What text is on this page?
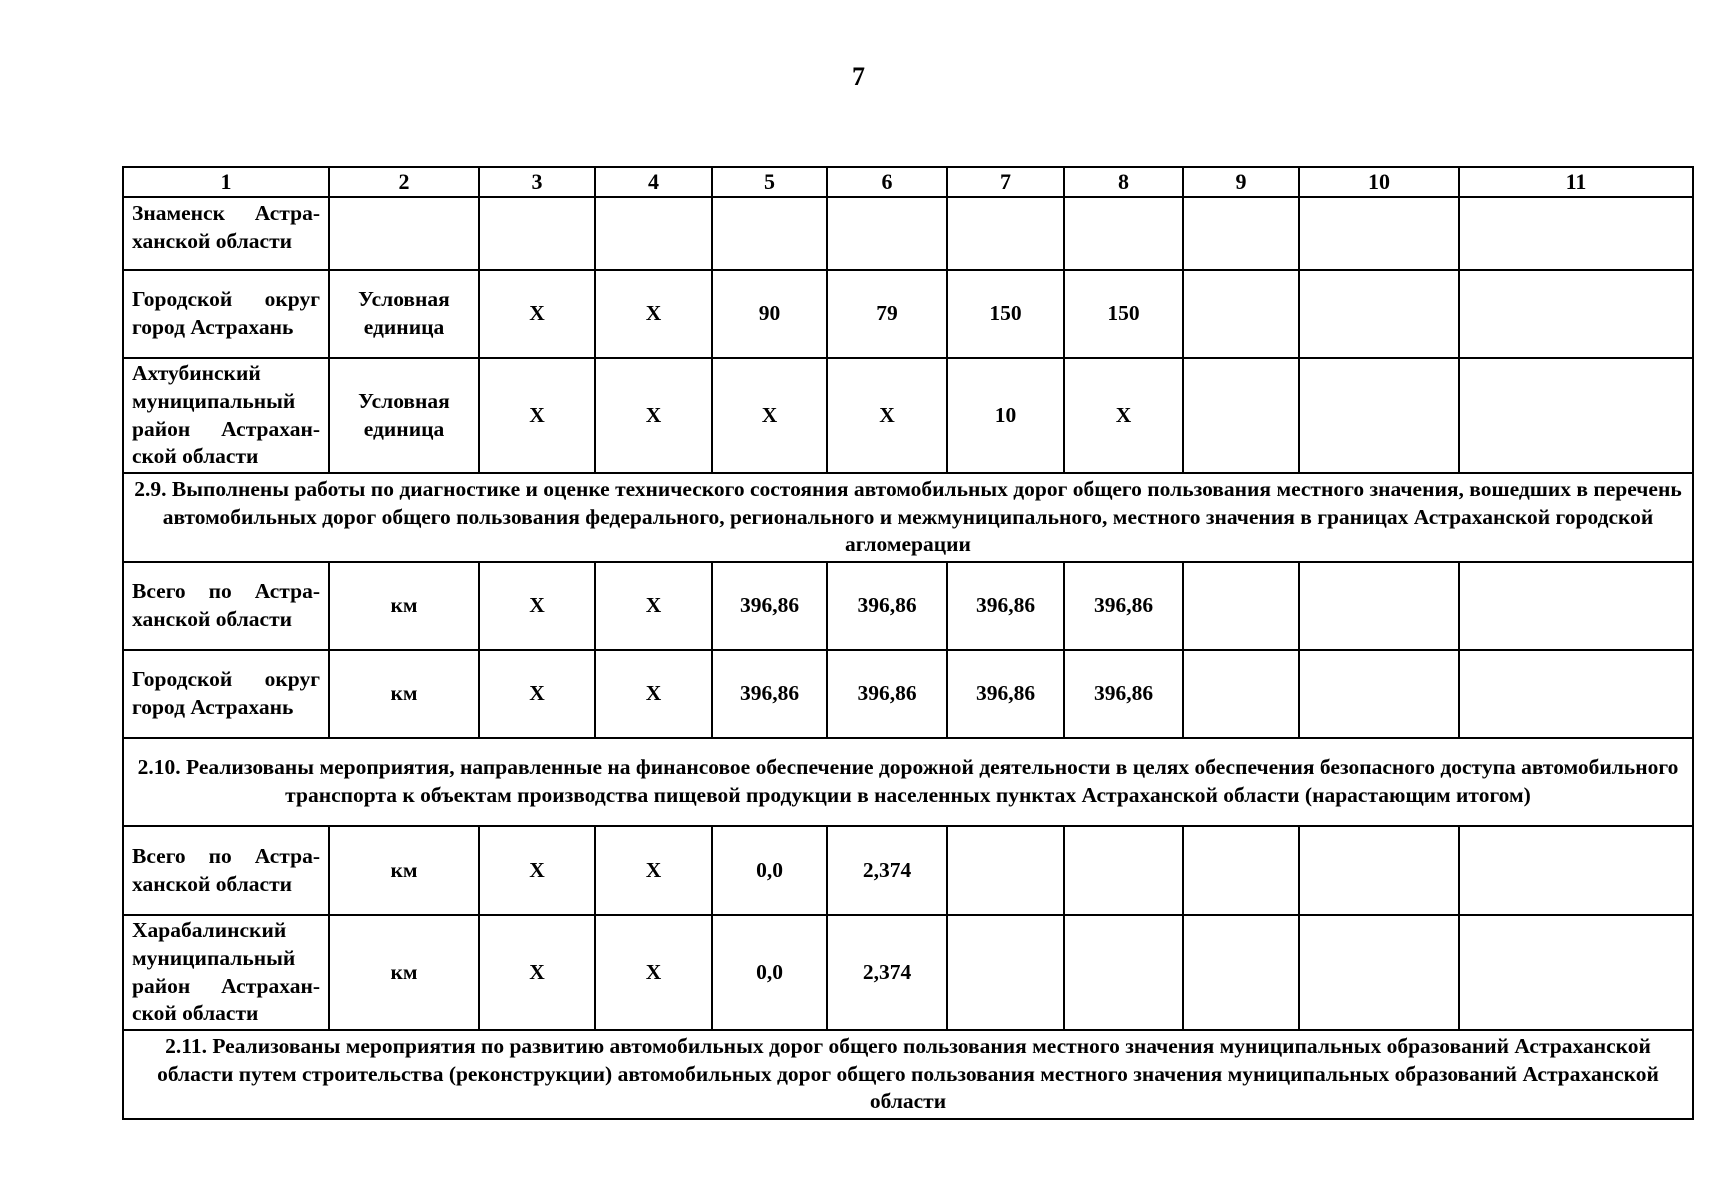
7
1	2	3	4	5	6	7	8	9	10	11
Знаменск Астра-ханской области										
Городской округ город Астрахань	Условная единица	X	X	90	79	150	150			
Ахтубинский муниципальный район Астрахан-ской области	Условная единица	X	X	X	X	10	X			
2.9. Выполнены работы по диагностике и оценке технического состояния автомобильных дорог общего пользования местного значения, вошедших в перечень автомобильных дорог общего пользования федерального, регионального и межмуниципального, местного значения в границах Астраханской городской агломерации										
Всего по Астра-ханской области	км	X	X	396,86	396,86	396,86	396,86			
Городской округ город Астрахань	км	X	X	396,86	396,86	396,86	396,86			
2.10. Реализованы мероприятия, направленные на финансовое обеспечение дорожной деятельности в целях обеспечения безопасного доступа автомобильного транспорта к объектам производства пищевой продукции в населенных пунктах Астраханской области (нарастающим итогом)										
Всего по Астра-ханской области	км	X	X	0,0	2,374					
Харабалинский муниципальный район Астрахан-ской области	км	X	X	0,0	2,374					
2.11. Реализованы мероприятия по развитию автомобильных дорог общего пользования местного значения муниципальных образований Астраханской области путем строительства (реконструкции) автомобильных дорог общего пользования местного значения муниципальных образований Астраханской области										
